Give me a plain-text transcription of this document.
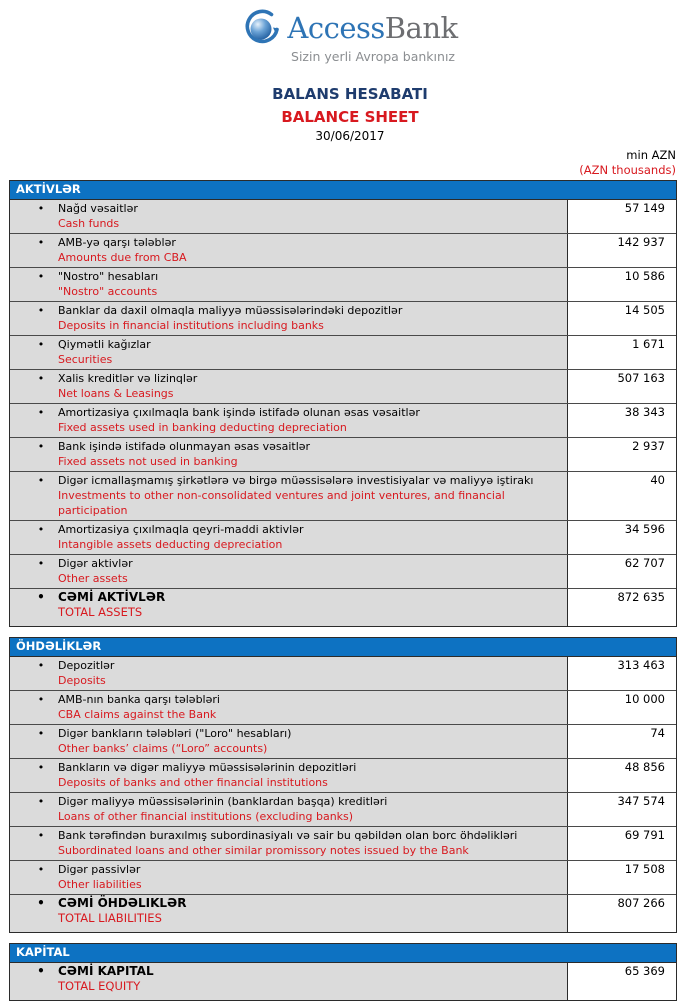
AccessBank
Sizin yerli Avropa bankınız
BALANS HESABATI
BALANCE SHEET
30/06/2017
min AZN
(AZN thousands)
AKTİVLƏR
•	Nağd vəsaitlər
Cash funds
57 149
•	AMB-yə qarşı tələblər
Amounts due from CBA
142 937
•	"Nostro" hesabları
"Nostro" accounts
10 586
•	Banklar da daxil olmaqla maliyyə müəssisələrindəki depozitlər
Deposits in financial institutions including banks
14 505
•	Qiymətli kağızlar
Securities
1 671
•	Xalis kreditlər və lizinqlər
Net loans & Leasings
507 163
•	Amortizasiya çıxılmaqla bank işində istifadə olunan əsas vəsaitlər
Fixed assets used in banking deducting depreciation
38 343
•	Bank işində istifadə olunmayan əsas vəsaitlər
Fixed assets not used in banking
2 937
•	Digər icmallaşmamış şirkətlərə və birgə müəssisələrə investisiyalar və maliyyə iştirakı
Investments to other non-consolidated ventures and joint ventures, and financial participation
40
•	Amortizasiya çıxılmaqla qeyri-maddi aktivlər
Intangible assets deducting depreciation
34 596
•	Digər aktivlər
Other assets
62 707
•	CƏMİ AKTİVLƏR
TOTAL ASSETS
872 635
ÖHDƏLİKLƏR
•	Depozitlər
Deposits
313 463
•	AMB-nın banka qarşı tələbləri
CBA claims against the Bank
10 000
•	Digər bankların tələbləri ("Loro" hesabları)
Other banks’ claims (“Loro” accounts)
74
•	Bankların və digər maliyyə müəssisələrinin depozitləri
Deposits of banks and other financial institutions
48 856
•	Digər maliyyə müəssisələrinin (banklardan başqa) kreditləri
Loans of other financial institutions (excluding banks)
347 574
•	Bank tərəfindən buraxılmış subordinasiyalı və sair bu qəbildən olan borc öhdəlikləri
Subordinated loans and other similar promissory notes issued by the Bank
69 791
•	Digər passivlər
Other liabilities
17 508
•	CƏMİ ÖHDƏLIKLƏR
TOTAL LIABILITIES
807 266
KAPİTAL
•	CƏMİ KAPITAL
TOTAL EQUITY
65 369
